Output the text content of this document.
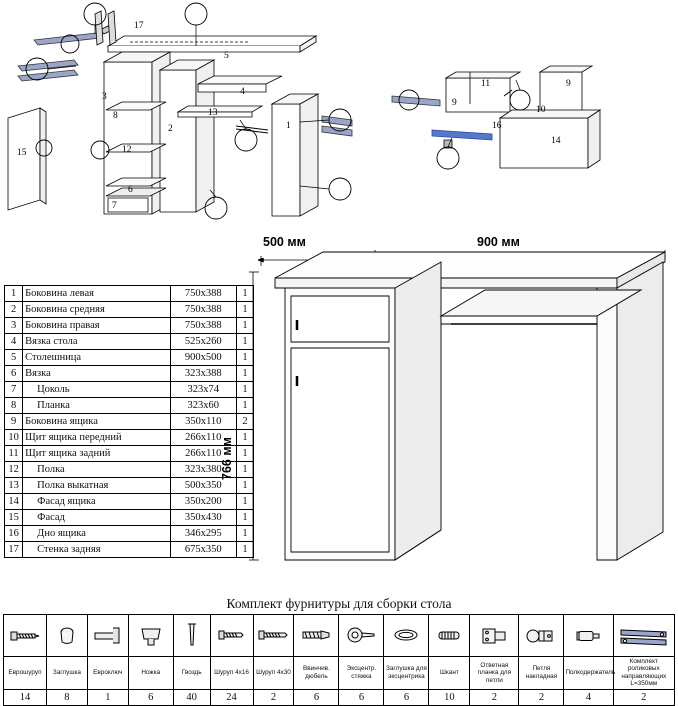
17
5
3	4
13
2
8
12
15
6
7
1
11
9
9
10
16
14
500 мм	900 мм
766 мм
1	Боковина левая	750х388	1
2	Боковина средняя	750х388	1
3	Боковина правая	750х388	1
4	Вязка стола	525х260	1
5	Столешница	900х500	1
6	Вязка	323х388	1
7	Цоколь	323х74	1
8	Планка	323х60	1
9	Боковина ящика	350х110	2
10	Щит ящика передний	266х110	1
11	Щит ящика задний	266х110	1
12	Полка	323х380	1
13	Полка выкатная	500х350	1
14	Фасад ящика	350х200	1
15	Фасад	350х430	1
16	Дно ящика	346х295	1
17	Стенка задняя	675х350	1
Комплект фурнитуры для сборки стола

Еврошуруп	Заглушка	Евроключ	Ножка	Гвоздь	Шуруп 4х16	Шуруп 4х30	Ввинчив. дюбель	Эксцентр. стяжка	Заглушка для эксцентрика	Шкант	Ответная планка для петли	Петля накладная	Полкодержатель	Комплект роликовых направляющих L=350мм
14	8	1	6	40	24	2	6	6	6	10	2	2	4	2
